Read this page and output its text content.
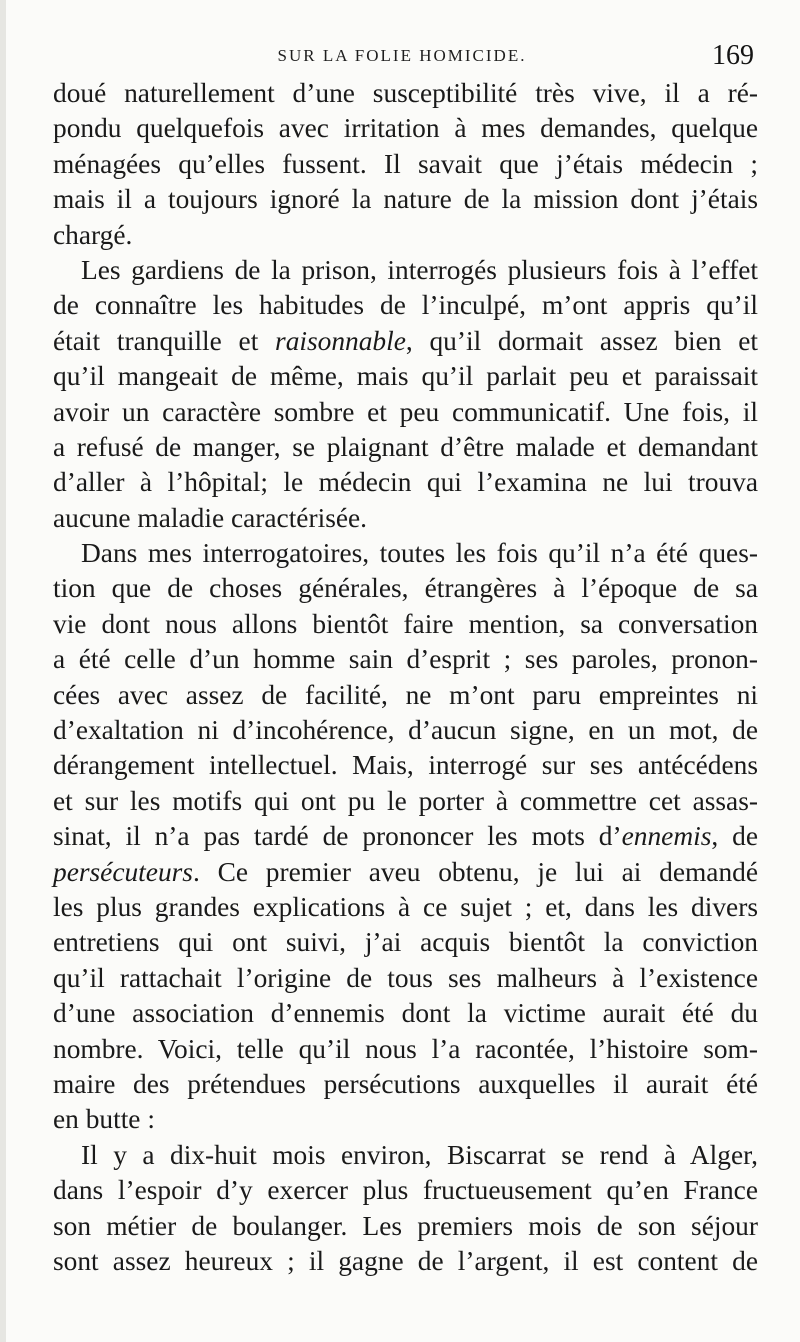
SUR LA FOLIE HOMICIDE.	169
doué naturellement d’une susceptibilité très vive, il a ré-
pondu quelquefois avec irritation à mes demandes, quelque
ménagées qu’elles fussent. Il savait que j’étais médecin ;
mais il a toujours ignoré la nature de la mission dont j’étais
chargé.
Les gardiens de la prison, interrogés plusieurs fois à l’effet
de connaître les habitudes de l’inculpé, m’ont appris qu’il
était tranquille et raisonnable, qu’il dormait assez bien et
qu’il mangeait de même, mais qu’il parlait peu et paraissait
avoir un caractère sombre et peu communicatif. Une fois, il
a refusé de manger, se plaignant d’être malade et demandant
d’aller à l’hôpital; le médecin qui l’examina ne lui trouva
aucune maladie caractérisée.
Dans mes interrogatoires, toutes les fois qu’il n’a été ques-
tion que de choses générales, étrangères à l’époque de sa
vie dont nous allons bientôt faire mention, sa conversation
a été celle d’un homme sain d’esprit ; ses paroles, pronon-
cées avec assez de facilité, ne m’ont paru empreintes ni
d’exaltation ni d’incohérence, d’aucun signe, en un mot, de
dérangement intellectuel. Mais, interrogé sur ses antécédens
et sur les motifs qui ont pu le porter à commettre cet assas-
sinat, il n’a pas tardé de prononcer les mots d’ennemis, de
persécuteurs. Ce premier aveu obtenu, je lui ai demandé
les plus grandes explications à ce sujet ; et, dans les divers
entretiens qui ont suivi, j’ai acquis bientôt la conviction
qu’il rattachait l’origine de tous ses malheurs à l’existence
d’une association d’ennemis dont la victime aurait été du
nombre. Voici, telle qu’il nous l’a racontée, l’histoire som-
maire des prétendues persécutions auxquelles il aurait été
en butte :
Il y a dix-huit mois environ, Biscarrat se rend à Alger,
dans l’espoir d’y exercer plus fructueusement qu’en France
son métier de boulanger. Les premiers mois de son séjour
sont assez heureux ; il gagne de l’argent, il est content de
